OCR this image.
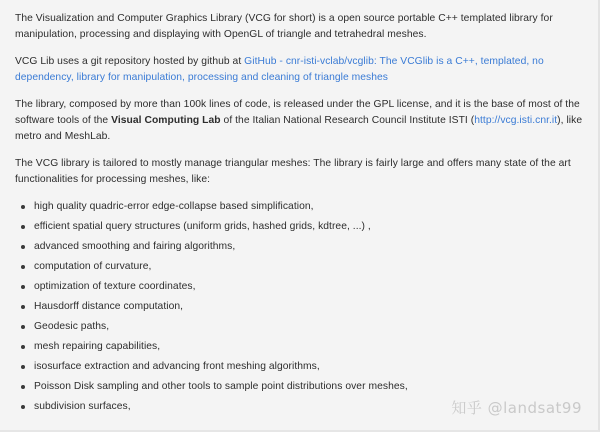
The Visualization and Computer Graphics Library (VCG for short) is a open source portable C++ templated library for manipulation, processing and displaying with OpenGL of triangle and tetrahedral meshes.

VCG Lib uses a git repository hosted by github at GitHub - cnr-isti-vclab/vcglib: The VCGlib is a C++, templated, no dependency, library for manipulation, processing and cleaning of triangle meshes

The library, composed by more than 100k lines of code, is released under the GPL license, and it is the base of most of the software tools of the Visual Computing Lab of the Italian National Research Council Institute ISTI (http://vcg.isti.cnr.it), like metro and MeshLab.

The VCG library is tailored to mostly manage triangular meshes: The library is fairly large and offers many state of the art functionalities for processing meshes, like:

high quality quadric-error edge-collapse based simplification,
efficient spatial query structures (uniform grids, hashed grids, kdtree, ...) ,
advanced smoothing and fairing algorithms,
computation of curvature,
optimization of texture coordinates,
Hausdorff distance computation,
Geodesic paths,
mesh repairing capabilities,
isosurface extraction and advancing front meshing algorithms,
Poisson Disk sampling and other tools to sample point distributions over meshes,
subdivision surfaces,	知乎 @landsat99
